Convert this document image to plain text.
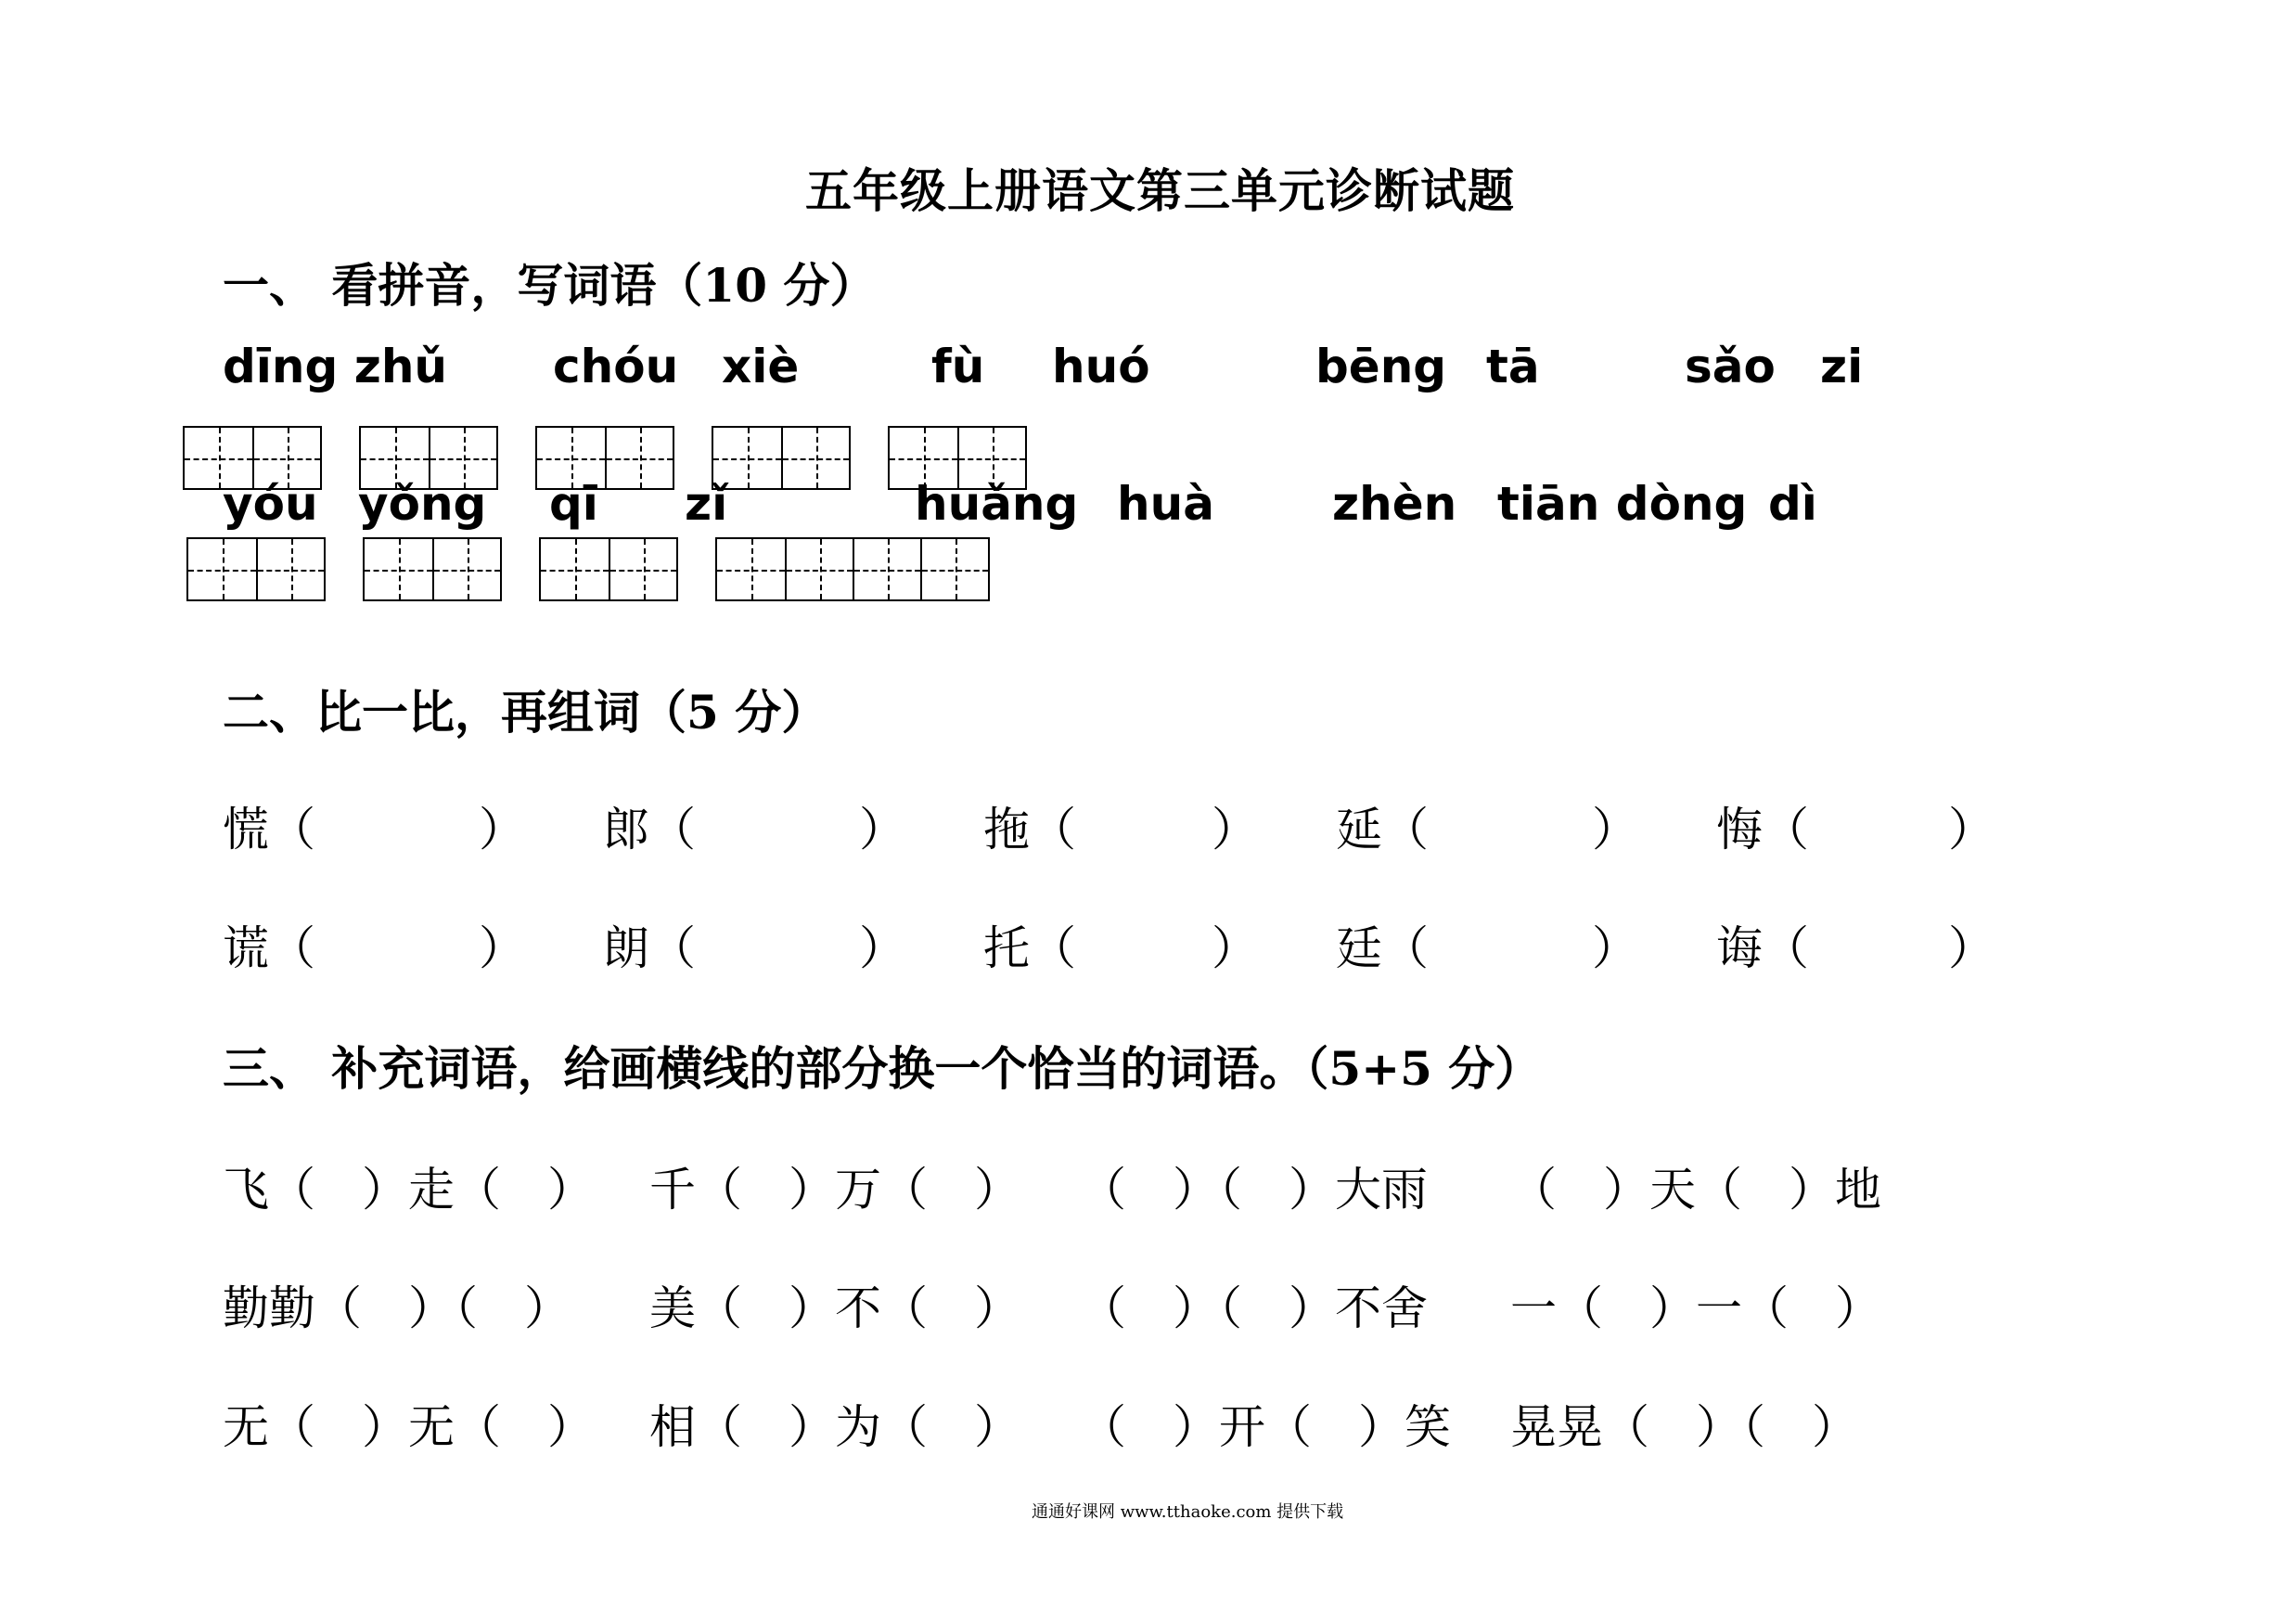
五年级上册语文第三单元诊断试题
一、 看拼音，写词语（10 分）
dīng zhǔ chóu xiè	fù huó	bēng tā	sǎo zi
yóu yǒng qī zǐ	huǎng huà	zhèn tiān dòng dì
二、比一比，再组词（5 分）
慌（	） 郎（	） 拖（	） 延（	） 悔（	）
谎（	） 朗（	） 托（	） 廷（	） 诲（	）
三、 补充词语，给画横线的部分换一个恰当的词语。（5+5 分）
飞（　）走（　） 千（　）万（　） （　）（　）大雨 （　）天（　）地
勤勤（　）（　） 美（　）不（　） （　）（　）不舍 一（　）一（　）
无（　）无（　） 相（　）为（　） （　）开（　）笑 晃晃（　）（　）
通通好课网 www.tthaoke.com 提供下载
